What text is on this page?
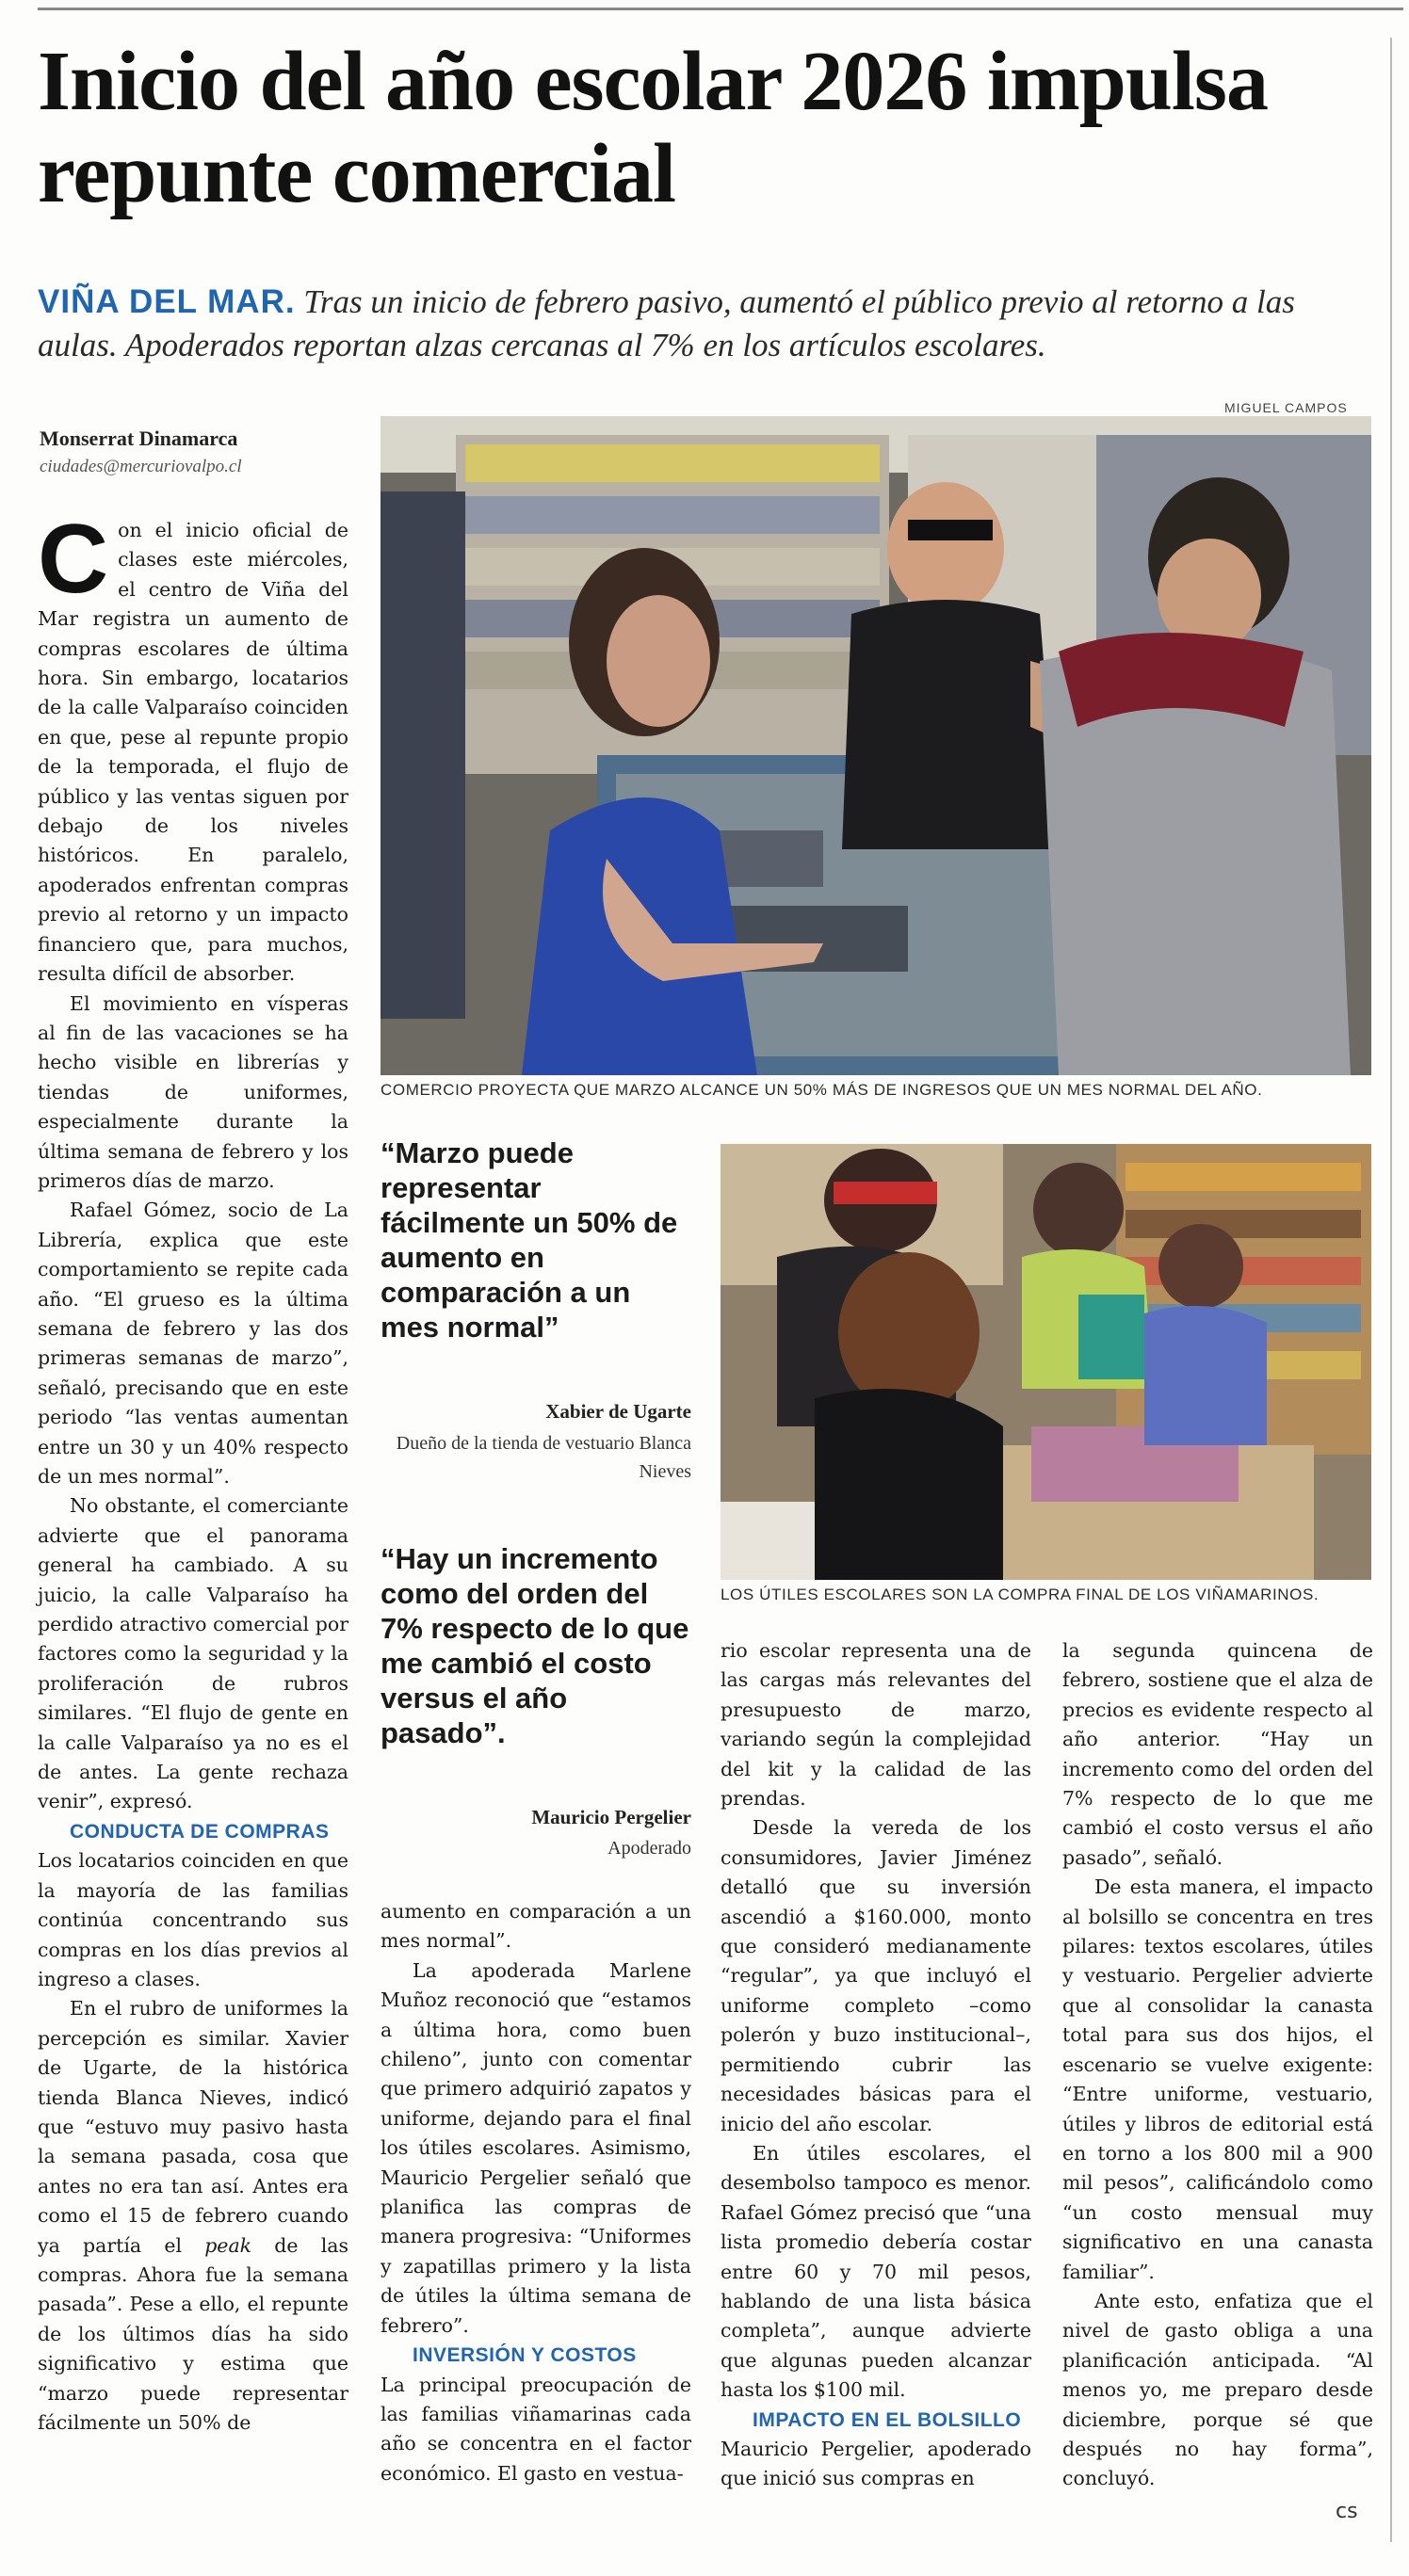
Inicio del año escolar 2026 impulsa repunte comercial

VIÑA DEL MAR. Tras un inicio de febrero pasivo, aumentó el público previo al retorno a las aulas. Apoderados reportan alzas cercanas al 7% en los artículos escolares.

Monserrat Dinamarca

ciudades@mercuriovalpo.cl

MIGUEL CAMPOS

COMERCIO PROYECTA QUE MARZO ALCANCE UN 50% MÁS DE INGRESOS QUE UN MES NORMAL DEL AÑO.

LOS ÚTILES ESCOLARES SON LA COMPRA FINAL DE LOS VIÑAMARINOS.

“Marzo puede representar fácilmente un 50% de aumento en comparación a un mes normal”

Xabier de Ugarte

Dueño de la tienda de vestuario Blanca Nieves

“Hay un incremento como del orden del 7% respecto de lo que me cambió el costo versus el año pasado”.

Mauricio Pergelier

Apoderado

Con el inicio oficial de clases este miércoles, el centro de Viña del Mar registra un aumento de compras escolares de última hora. Sin embargo, locatarios de la calle Valparaíso coinciden en que, pese al repunte propio de la temporada, el flujo de público y las ventas siguen por debajo de los niveles históricos. En paralelo, apoderados enfrentan compras previo al retorno y un impacto financiero que, para muchos, resulta difícil de absorber.

El movimiento en vísperas al fin de las vacaciones se ha hecho visible en librerías y tiendas de uniformes, especialmente durante la última semana de febrero y los primeros días de marzo.

Rafael Gómez, socio de La Librería, explica que este comportamiento se repite cada año. “El grueso es la última semana de febrero y las dos primeras semanas de marzo”, señaló, precisando que en este periodo “las ventas aumentan entre un 30 y un 40% respecto de un mes normal”.

No obstante, el comerciante advierte que el panorama general ha cambiado. A su juicio, la calle Valparaíso ha perdido atractivo comercial por factores como la seguridad y la proliferación de rubros similares. “El flujo de gente en la calle Valparaíso ya no es el de antes. La gente rechaza venir”, expresó.

CONDUCTA DE COMPRAS

Los locatarios coinciden en que la mayoría de las familias continúa concentrando sus compras en los días previos al ingreso a clases.

En el rubro de uniformes la percepción es similar. Xavier de Ugarte, de la histórica tienda Blanca Nieves, indicó que “estuvo muy pasivo hasta la semana pasada, cosa que antes no era tan así. Antes era como el 15 de febrero cuando ya partía el peak de las compras. Ahora fue la semana pasada”. Pese a ello, el repunte de los últimos días ha sido significativo y estima que “marzo puede representar fácilmente un 50% de

aumento en comparación a un mes normal”.

La apoderada Marlene Muñoz reconoció que “estamos a última hora, como buen chileno”, junto con comentar que primero adquirió zapatos y uniforme, dejando para el final los útiles escolares. Asimismo, Mauricio Pergelier señaló que planifica las compras de manera progresiva: “Uniformes y zapatillas primero y la lista de útiles la última semana de febrero”.

INVERSIÓN Y COSTOS

La principal preocupación de las familias viñamarinas cada año se concentra en el factor económico. El gasto en vestua-

rio escolar representa una de las cargas más relevantes del presupuesto de marzo, variando según la complejidad del kit y la calidad de las prendas.

Desde la vereda de los consumidores, Javier Jiménez detalló que su inversión ascendió a $160.000, monto que consideró medianamente “regular”, ya que incluyó el uniforme completo –como polerón y buzo institucional–, permitiendo cubrir las necesidades básicas para el inicio del año escolar.

En útiles escolares, el desembolso tampoco es menor. Rafael Gómez precisó que “una lista promedio debería costar entre 60 y 70 mil pesos, hablando de una lista básica completa”, aunque advierte que algunas pueden alcanzar hasta los $100 mil.

IMPACTO EN EL BOLSILLO

Mauricio Pergelier, apoderado que inició sus compras en

la segunda quincena de febrero, sostiene que el alza de precios es evidente respecto al año anterior. “Hay un incremento como del orden del 7% respecto de lo que me cambió el costo versus el año pasado”, señaló.

De esta manera, el impacto al bolsillo se concentra en tres pilares: textos escolares, útiles y vestuario. Pergelier advierte que al consolidar la canasta total para sus dos hijos, el escenario se vuelve exigente: “Entre uniforme, vestuario, útiles y libros de editorial está en torno a los 800 mil a 900 mil pesos”, calificándolo como “un costo mensual muy significativo en una canasta familiar”.

Ante esto, enfatiza que el nivel de gasto obliga a una planificación anticipada. “Al menos yo, me preparo desde diciembre, porque sé que después no hay forma”, concluyó.

cs
